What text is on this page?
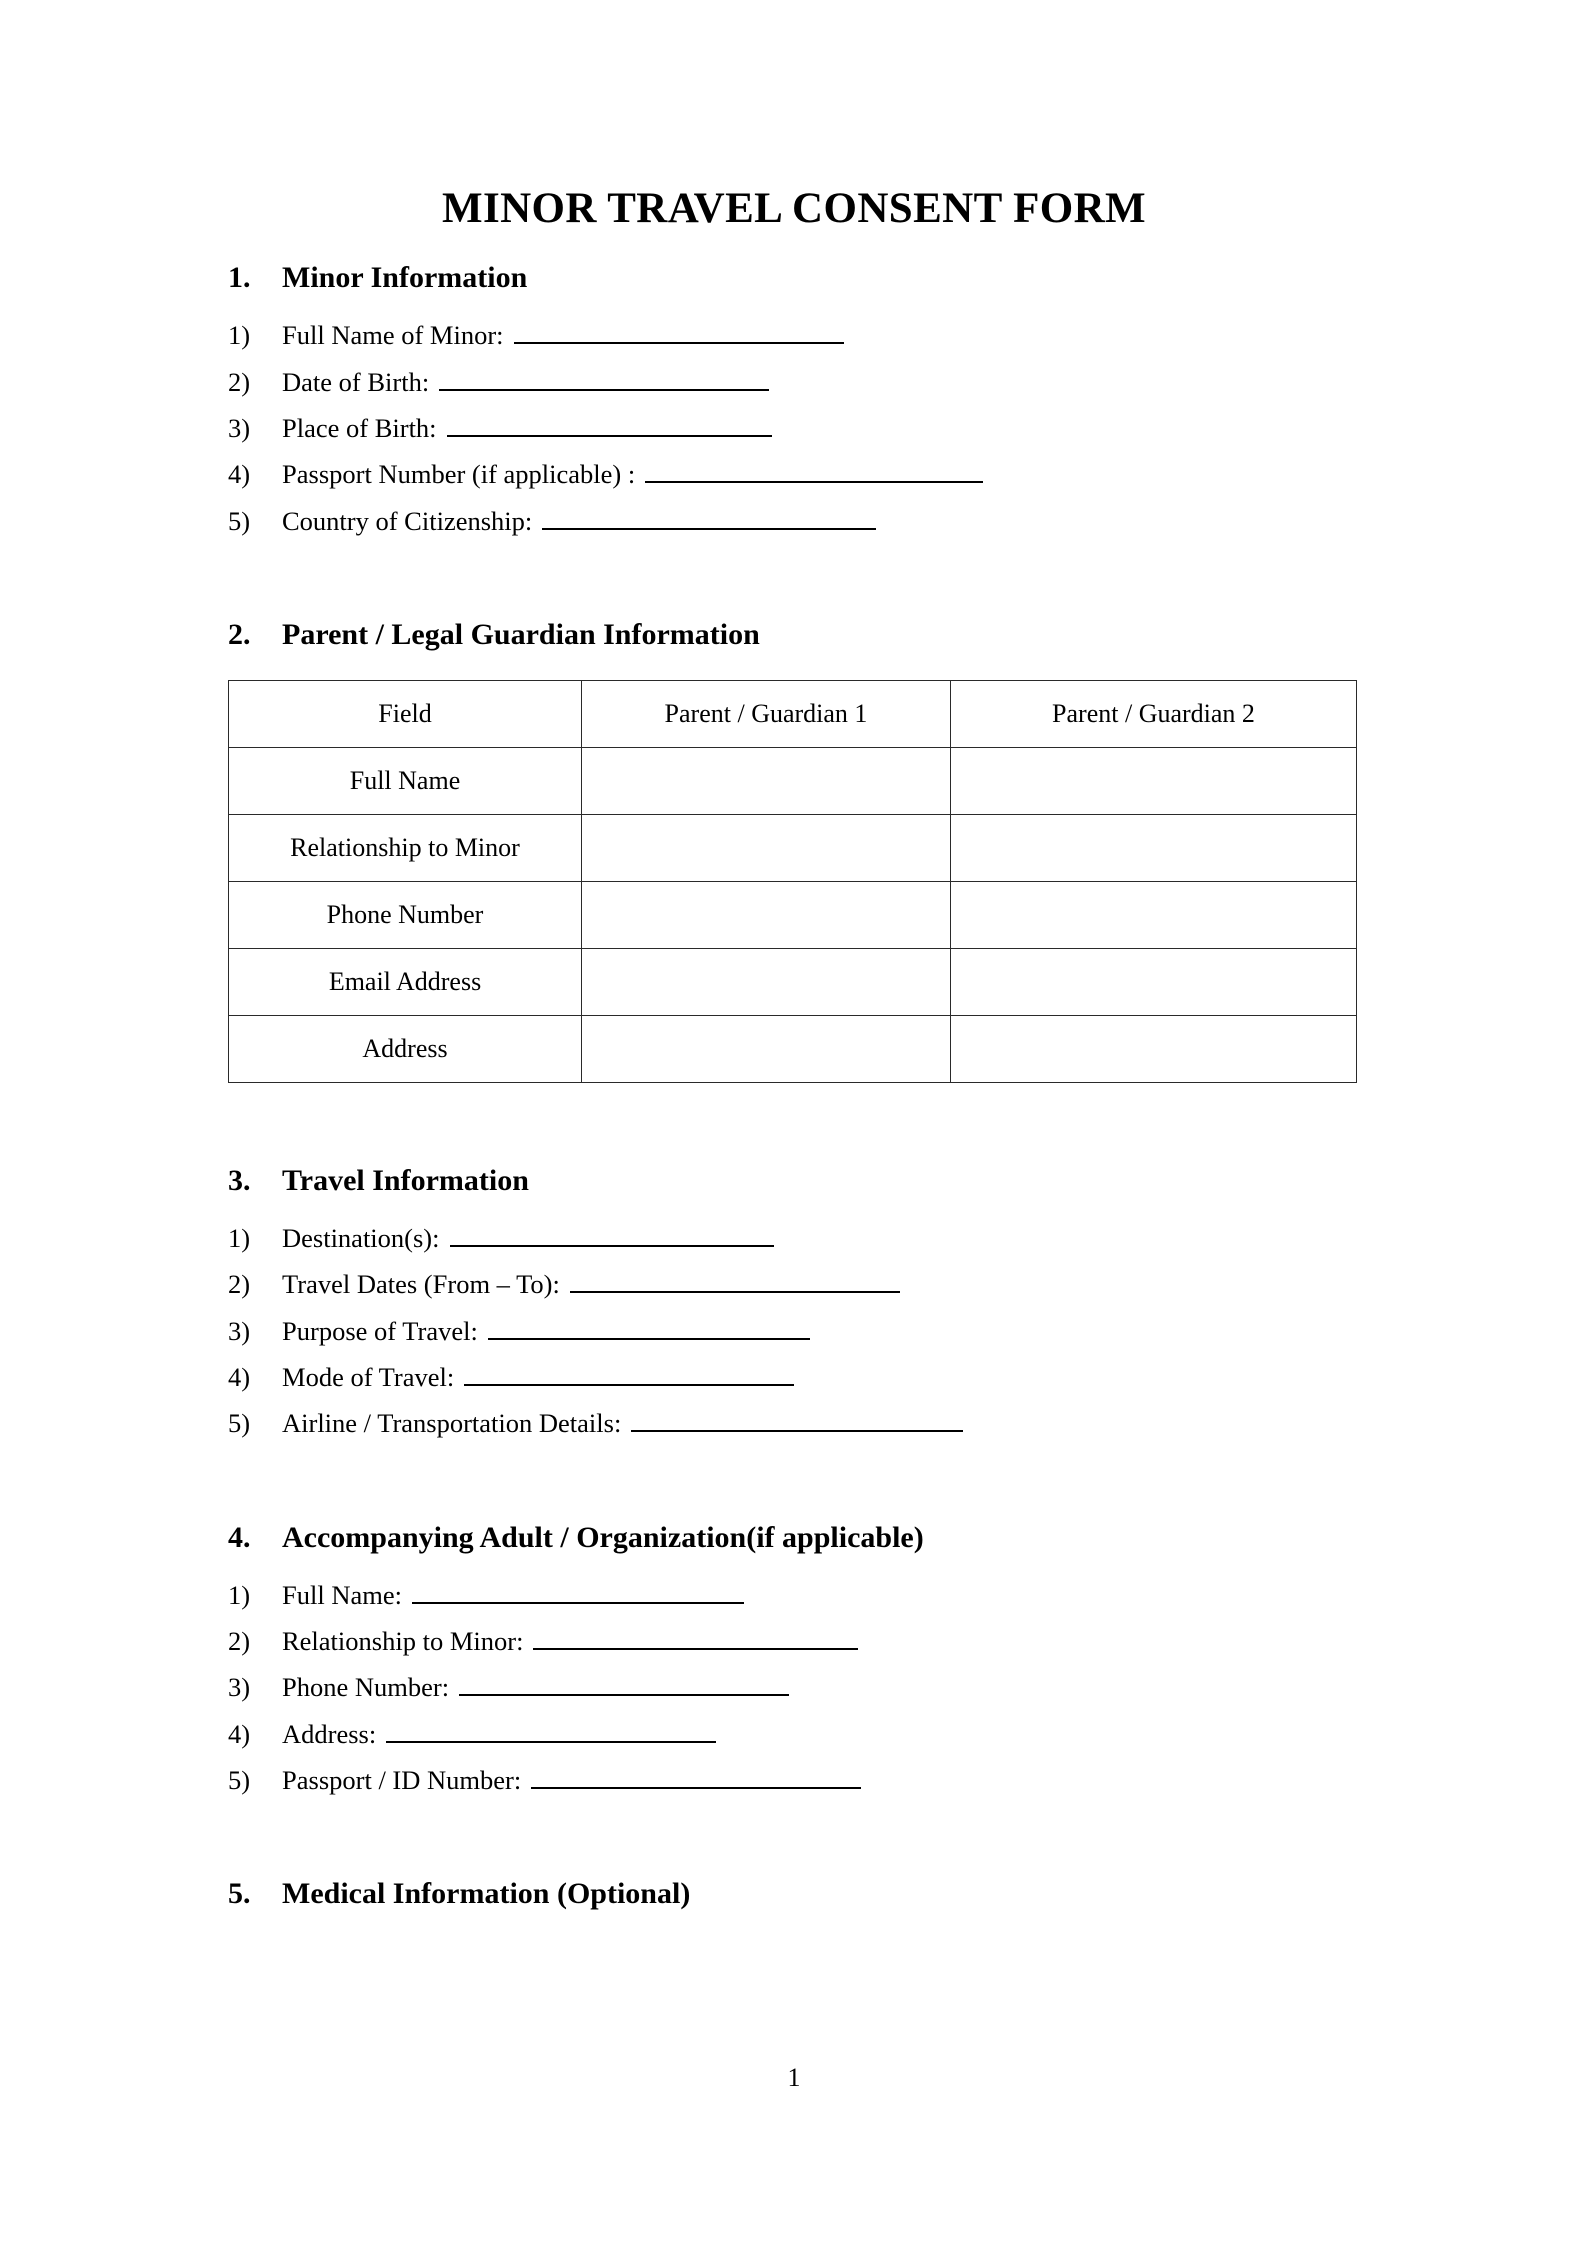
MINOR TRAVEL CONSENT FORM
1.	Minor Information
1)	Full Name of Minor:
2)	Date of Birth:
3)	Place of Birth:
4)	Passport Number (if applicable) :
5)	Country of Citizenship:
2.	Parent / Legal Guardian Information
Field	Parent / Guardian 1	Parent / Guardian 2
Full Name		
Relationship to Minor		
Phone Number		
Email Address		
Address		
3.	Travel Information
1)	Destination(s):
2)	Travel Dates (From – To):
3)	Purpose of Travel:
4)	Mode of Travel:
5)	Airline / Transportation Details:
4.	Accompanying Adult / Organization(if applicable)
1)	Full Name:
2)	Relationship to Minor:
3)	Phone Number:
4)	Address:
5)	Passport / ID Number:
5.	Medical Information (Optional)
1
